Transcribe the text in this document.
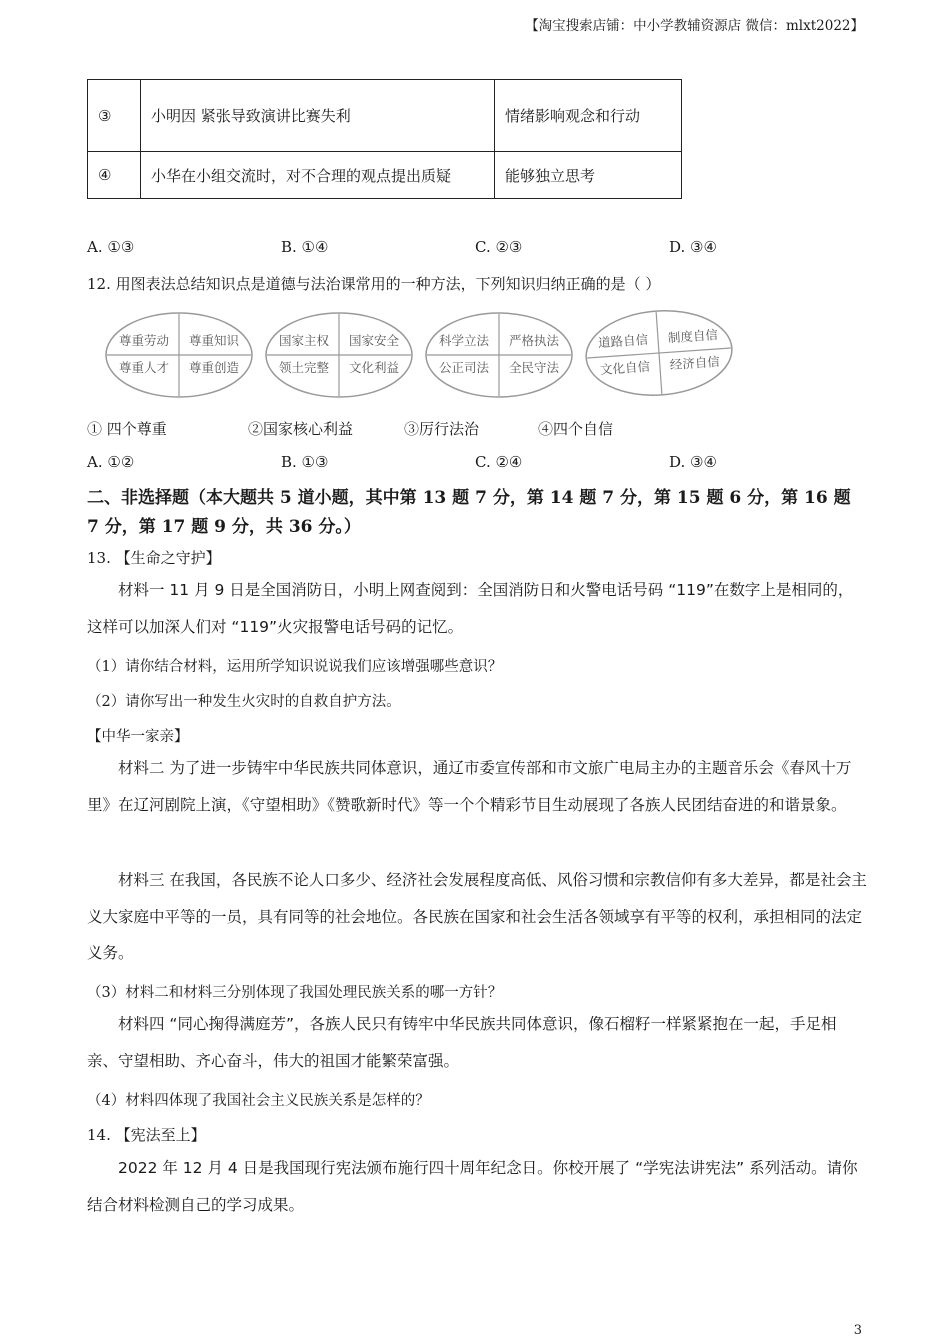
【淘宝搜索店铺：中小学教辅资源店 微信：mlxt2022】
③	小明因 紧张导致演讲比赛失利	情绪影响观念和行动
④	小华在小组交流时，对不合理的观点提出质疑	能够独立思考
A. ①③	B. ①④	C. ②③	D. ③④
12. 用图表法总结知识点是道德与法治课常用的一种方法，下列知识归纳正确的是（ ）
尊重劳动 尊重知识
尊重人才 尊重创造
国家主权 国家安全
领土完整 文化利益
科学立法 严格执法
公正司法 全民守法
道路自信 制度自信
文化自信 经济自信
① 四个尊重	②国家核心利益	③厉行法治	④四个自信
A. ①②	B. ①③	C. ②④	D. ③④
二、非选择题（本大题共 5 道小题，其中第 13 题 7 分，第 14 题 7 分，第 15 题 6 分，第 16 题 7 分，第 17 题 9 分，共 36 分。）
13. 【生命之守护】
材料一 11 月 9 日是全国消防日，小明上网查阅到：全国消防日和火警电话号码 “119”在数字上是相同的，这样可以加深人们对 “119”火灾报警电话号码的记忆。
（1）请你结合材料，运用所学知识说说我们应该增强哪些意识？
（2）请你写出一种发生火灾时的自救自护方法。
【中华一家亲】
材料二 为了进一步铸牢中华民族共同体意识，通辽市委宣传部和市文旅广电局主办的主题音乐会《春风十万里》在辽河剧院上演，《守望相助》《赞歌新时代》等一个个精彩节目生动展现了各族人民团结奋进的和谐景象。
材料三 在我国，各民族不论人口多少、经济社会发展程度高低、风俗习惯和宗教信仰有多大差异，都是社会主义大家庭中平等的一员，具有同等的社会地位。各民族在国家和社会生活各领域享有平等的权利，承担相同的法定义务。
（3）材料二和材料三分别体现了我国处理民族关系的哪一方针？
材料四 “同心掬得满庭芳”，各族人民只有铸牢中华民族共同体意识，像石榴籽一样紧紧抱在一起，手足相亲、守望相助、齐心奋斗，伟大的祖国才能繁荣富强。
（4）材料四体现了我国社会主义民族关系是怎样的？
14. 【宪法至上】
2022 年 12 月 4 日是我国现行宪法颁布施行四十周年纪念日。你校开展了 “学宪法讲宪法” 系列活动。请你结合材料检测自己的学习成果。
3
